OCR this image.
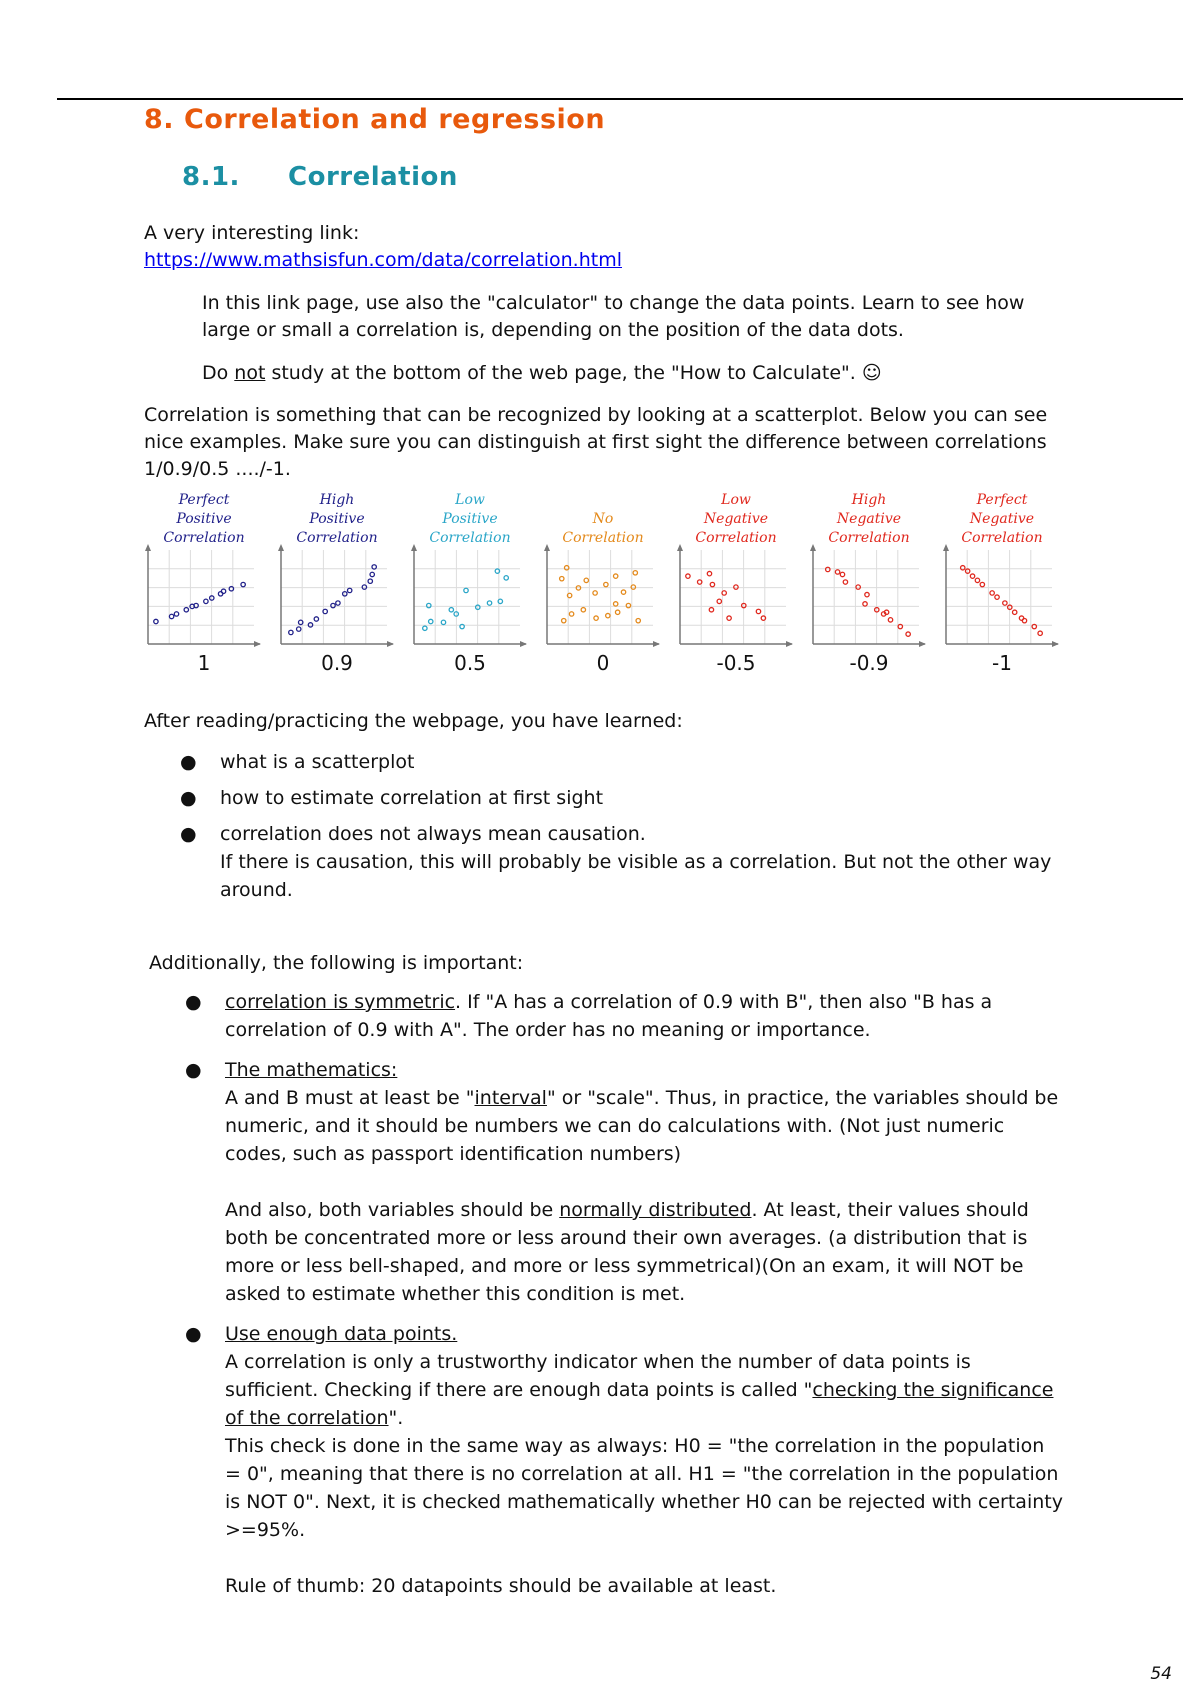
8. Correlation and regression
8.1. Correlation

A very interesting link:
https://www.mathsisfun.com/data/correlation.html

In this link page, use also the "calculator" to change the data points. Learn to see how large or small a correlation is, depending on the position of the data dots.

Do not study at the bottom of the web page, the "How to Calculate". ☺

Correlation is something that can be recognized by looking at a scatterplot. Below you can see nice examples. Make sure you can distinguish at first sight the difference between correlations 1/0.9/0.5 ..../-1.

Perfect
Positive
Correlation
1
High
Positive
Correlation
0.9
Low
Positive
Correlation
0.5
No
Correlation
0
Low
Negative
Correlation
-0.5
High
Negative
Correlation
-0.9
Perfect
Negative
Correlation
-1

After reading/practicing the webpage, you have learned:

● what is a scatterplot
● how to estimate correlation at first sight
● correlation does not always mean causation.
If there is causation, this will probably be visible as a correlation. But not the other way around.

Additionally, the following is important:

● correlation is symmetric. If "A has a correlation of 0.9 with B", then also "B has a correlation of 0.9 with A". The order has no meaning or importance.
● The mathematics:
A and B must at least be "interval" or "scale". Thus, in practice, the variables should be numeric, and it should be numbers we can do calculations with. (Not just numeric codes, such as passport identification numbers)
And also, both variables should be normally distributed. At least, their values should both be concentrated more or less around their own averages. (a distribution that is more or less bell-shaped, and more or less symmetrical)(On an exam, it will NOT be asked to estimate whether this condition is met.
● Use enough data points.
A correlation is only a trustworthy indicator when the number of data points is sufficient. Checking if there are enough data points is called "checking the significance of the correlation".
This check is done in the same way as always: H0 = "the correlation in the population = 0", meaning that there is no correlation at all. H1 = "the correlation in the population is NOT 0". Next, it is checked mathematically whether H0 can be rejected with certainty >=95%.
Rule of thumb: 20 datapoints should be available at least.
54
